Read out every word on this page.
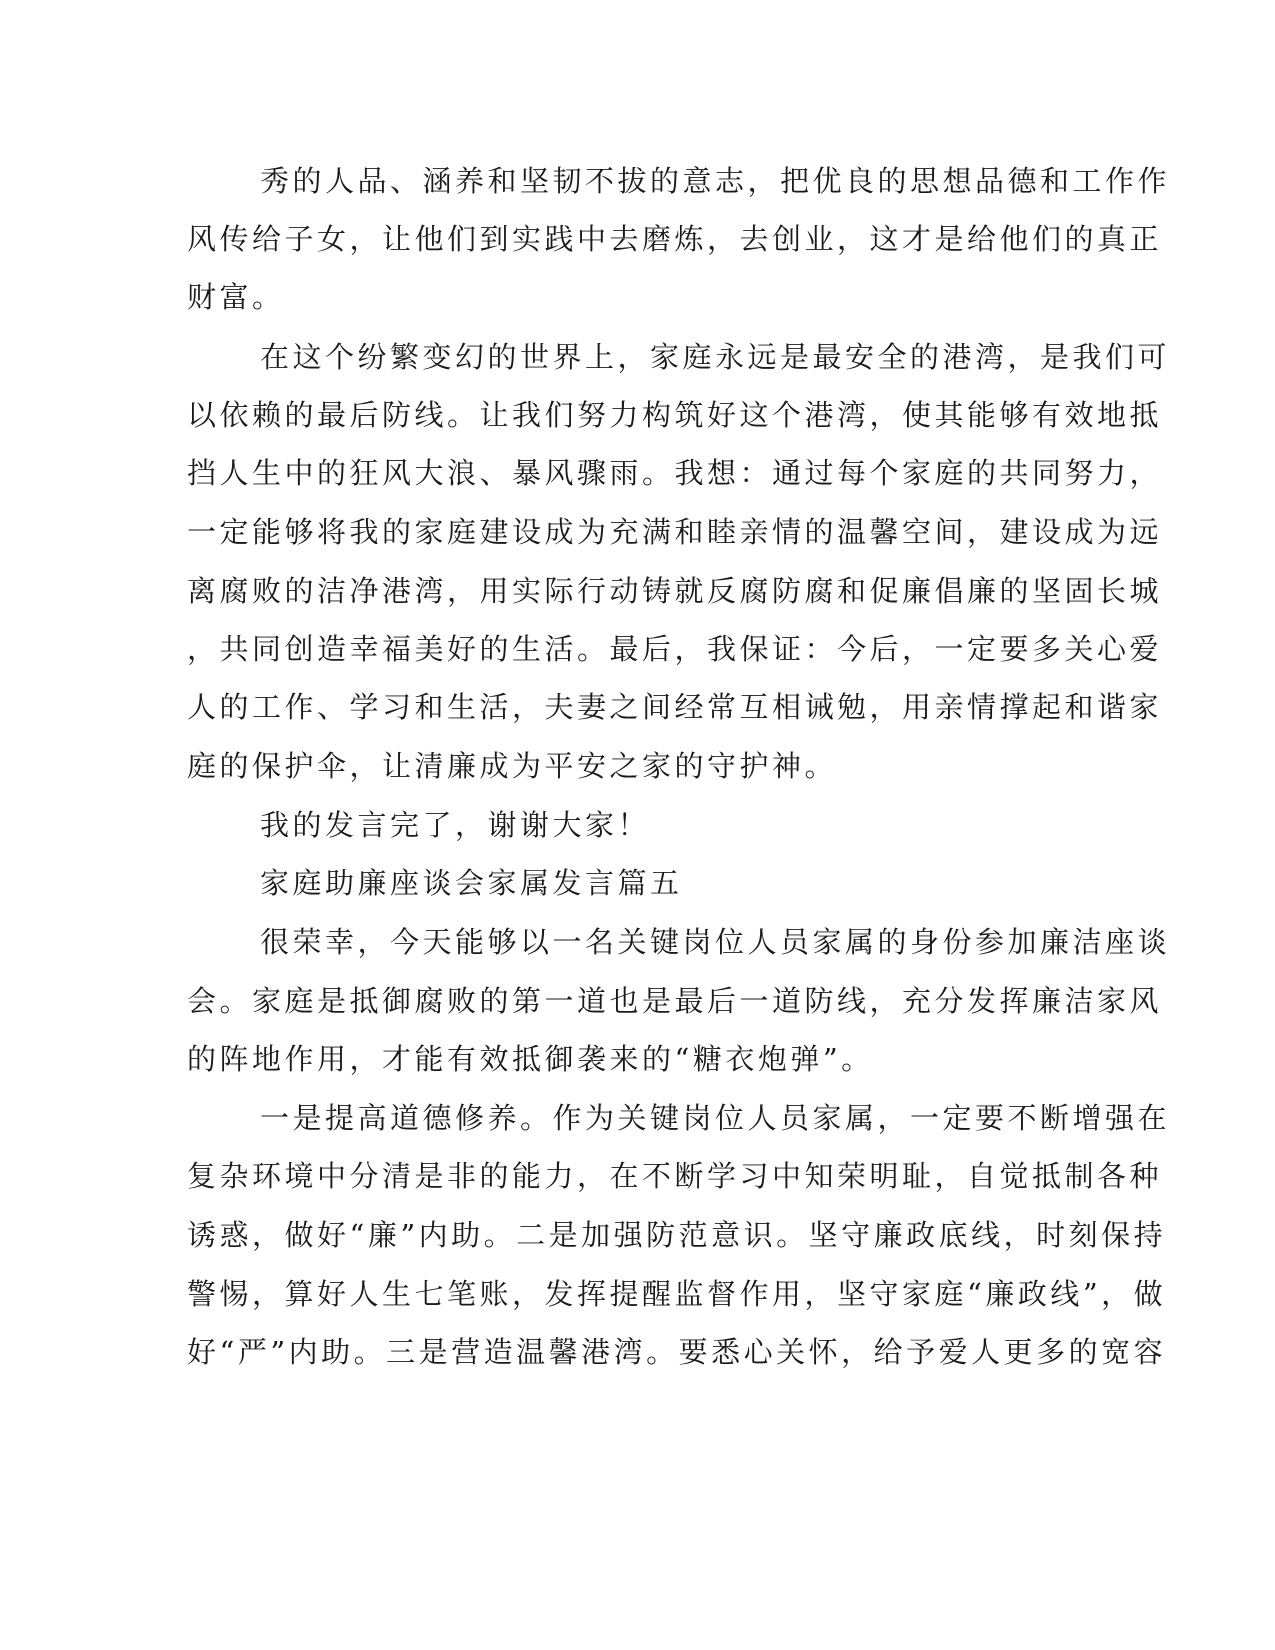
秀的人品、涵养和坚韧不拔的意志，把优良的思想品德和工作作
风传给子女，让他们到实践中去磨炼，去创业，这才是给他们的真正
财富。
在这个纷繁变幻的世界上，家庭永远是最安全的港湾，是我们可
以依赖的最后防线。让我们努力构筑好这个港湾，使其能够有效地抵
挡人生中的狂风大浪、暴风骤雨。我想：通过每个家庭的共同努力，
一定能够将我的家庭建设成为充满和睦亲情的温馨空间，建设成为远
离腐败的洁净港湾，用实际行动铸就反腐防腐和促廉倡廉的坚固长城
，共同创造幸福美好的生活。最后，我保证：今后，一定要多关心爱
人的工作、学习和生活，夫妻之间经常互相诫勉，用亲情撑起和谐家
庭的保护伞，让清廉成为平安之家的守护神。
我的发言完了，谢谢大家！
家庭助廉座谈会家属发言篇五
很荣幸，今天能够以一名关键岗位人员家属的身份参加廉洁座谈
会。家庭是抵御腐败的第一道也是最后一道防线，充分发挥廉洁家风
的阵地作用，才能有效抵御袭来的“糖衣炮弹”。
一是提高道德修养。作为关键岗位人员家属，一定要不断增强在
复杂环境中分清是非的能力，在不断学习中知荣明耻，自觉抵制各种
诱惑，做好“廉”内助。二是加强防范意识。坚守廉政底线，时刻保持
警惕，算好人生七笔账，发挥提醒监督作用，坚守家庭“廉政线”，做
好“严”内助。三是营造温馨港湾。要悉心关怀，给予爱人更多的宽容
